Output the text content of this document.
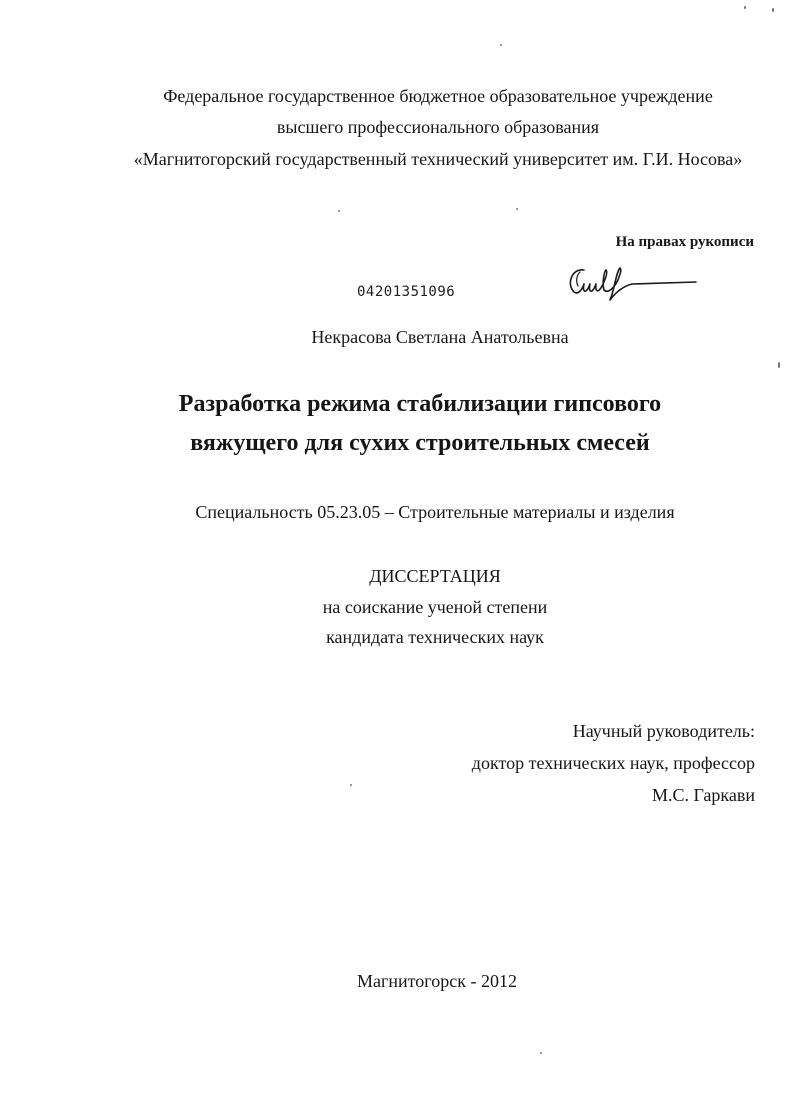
Федеральное государственное бюджетное образовательное учреждение
высшего профессионального образования
«Магнитогорский государственный технический университет им. Г.И. Носова»
На правах рукописи
04201351096
Некрасова Светлана Анатольевна
Разработка режима стабилизации гипсового
вяжущего для сухих строительных смесей
Специальность 05.23.05 – Строительные материалы и изделия
ДИССЕРТАЦИЯ
на соискание ученой степени
кандидата технических наук
Научный руководитель:
доктор технических наук, профессор
М.С. Гаркави
Магнитогорск - 2012
